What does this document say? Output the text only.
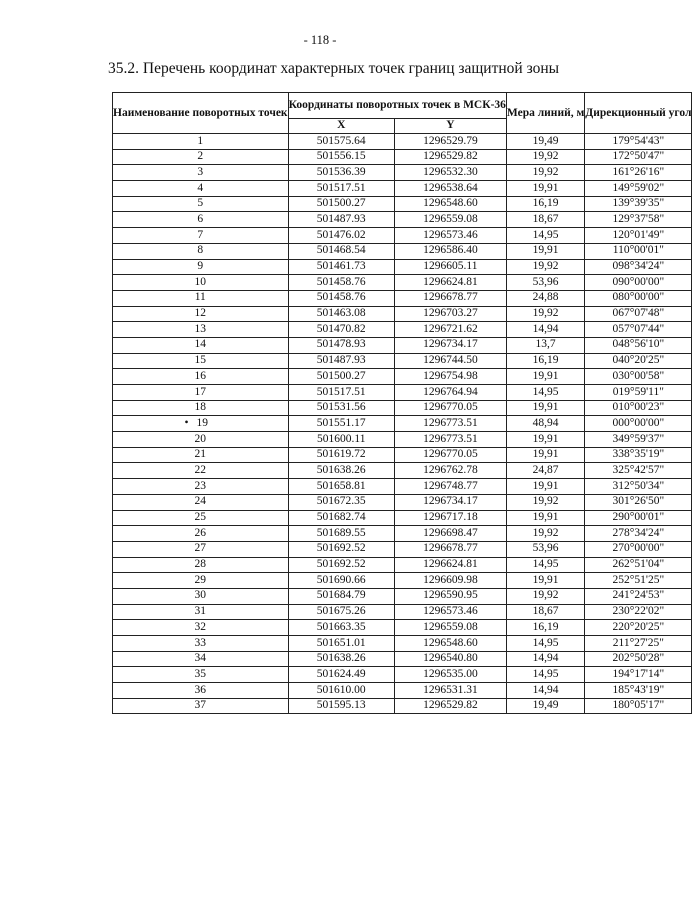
- 118 -
35.2. Перечень координат характерных точек границ защитной зоны
Наименование поворотных точек	Координаты поворотных точек в МСК-36		Мера линий, м	Дирекционный угол
	X	Y		
1	501575.64	1296529.79	19,49	179°54'43"
2	501556.15	1296529.82	19,92	172°50'47"
3	501536.39	1296532.30	19,92	161°26'16"
4	501517.51	1296538.64	19,91	149°59'02"
5	501500.27	1296548.60	16,19	139°39'35"
6	501487.93	1296559.08	18,67	129°37'58"
7	501476.02	1296573.46	14,95	120°01'49"
8	501468.54	1296586.40	19,91	110°00'01"
9	501461.73	1296605.11	19,92	098°34'24"
10	501458.76	1296624.81	53,96	090°00'00"
11	501458.76	1296678.77	24,88	080°00'00"
12	501463.08	1296703.27	19,92	067°07'48"
13	501470.82	1296721.62	14,94	057°07'44"
14	501478.93	1296734.17	13,7	048°56'10"
15	501487.93	1296744.50	16,19	040°20'25"
16	501500.27	1296754.98	19,91	030°00'58"
17	501517.51	1296764.94	14,95	019°59'11"
18	501531.56	1296770.05	19,91	010°00'23"
• 19	501551.17	1296773.51	48,94	000°00'00"
20	501600.11	1296773.51	19,91	349°59'37"
21	501619.72	1296770.05	19,91	338°35'19"
22	501638.26	1296762.78	24,87	325°42'57"
23	501658.81	1296748.77	19,91	312°50'34"
24	501672.35	1296734.17	19,92	301°26'50"
25	501682.74	1296717.18	19,91	290°00'01"
26	501689.55	1296698.47	19,92	278°34'24"
27	501692.52	1296678.77	53,96	270°00'00"
28	501692.52	1296624.81	14,95	262°51'04"
29	501690.66	1296609.98	19,91	252°51'25"
30	501684.79	1296590.95	19,92	241°24'53"
31	501675.26	1296573.46	18,67	230°22'02"
32	501663.35	1296559.08	16,19	220°20'25"
33	501651.01	1296548.60	14,95	211°27'25"
34	501638.26	1296540.80	14,94	202°50'28"
35	501624.49	1296535.00	14,95	194°17'14"
36	501610.00	1296531.31	14,94	185°43'19"
37	501595.13	1296529.82	19,49	180°05'17"
